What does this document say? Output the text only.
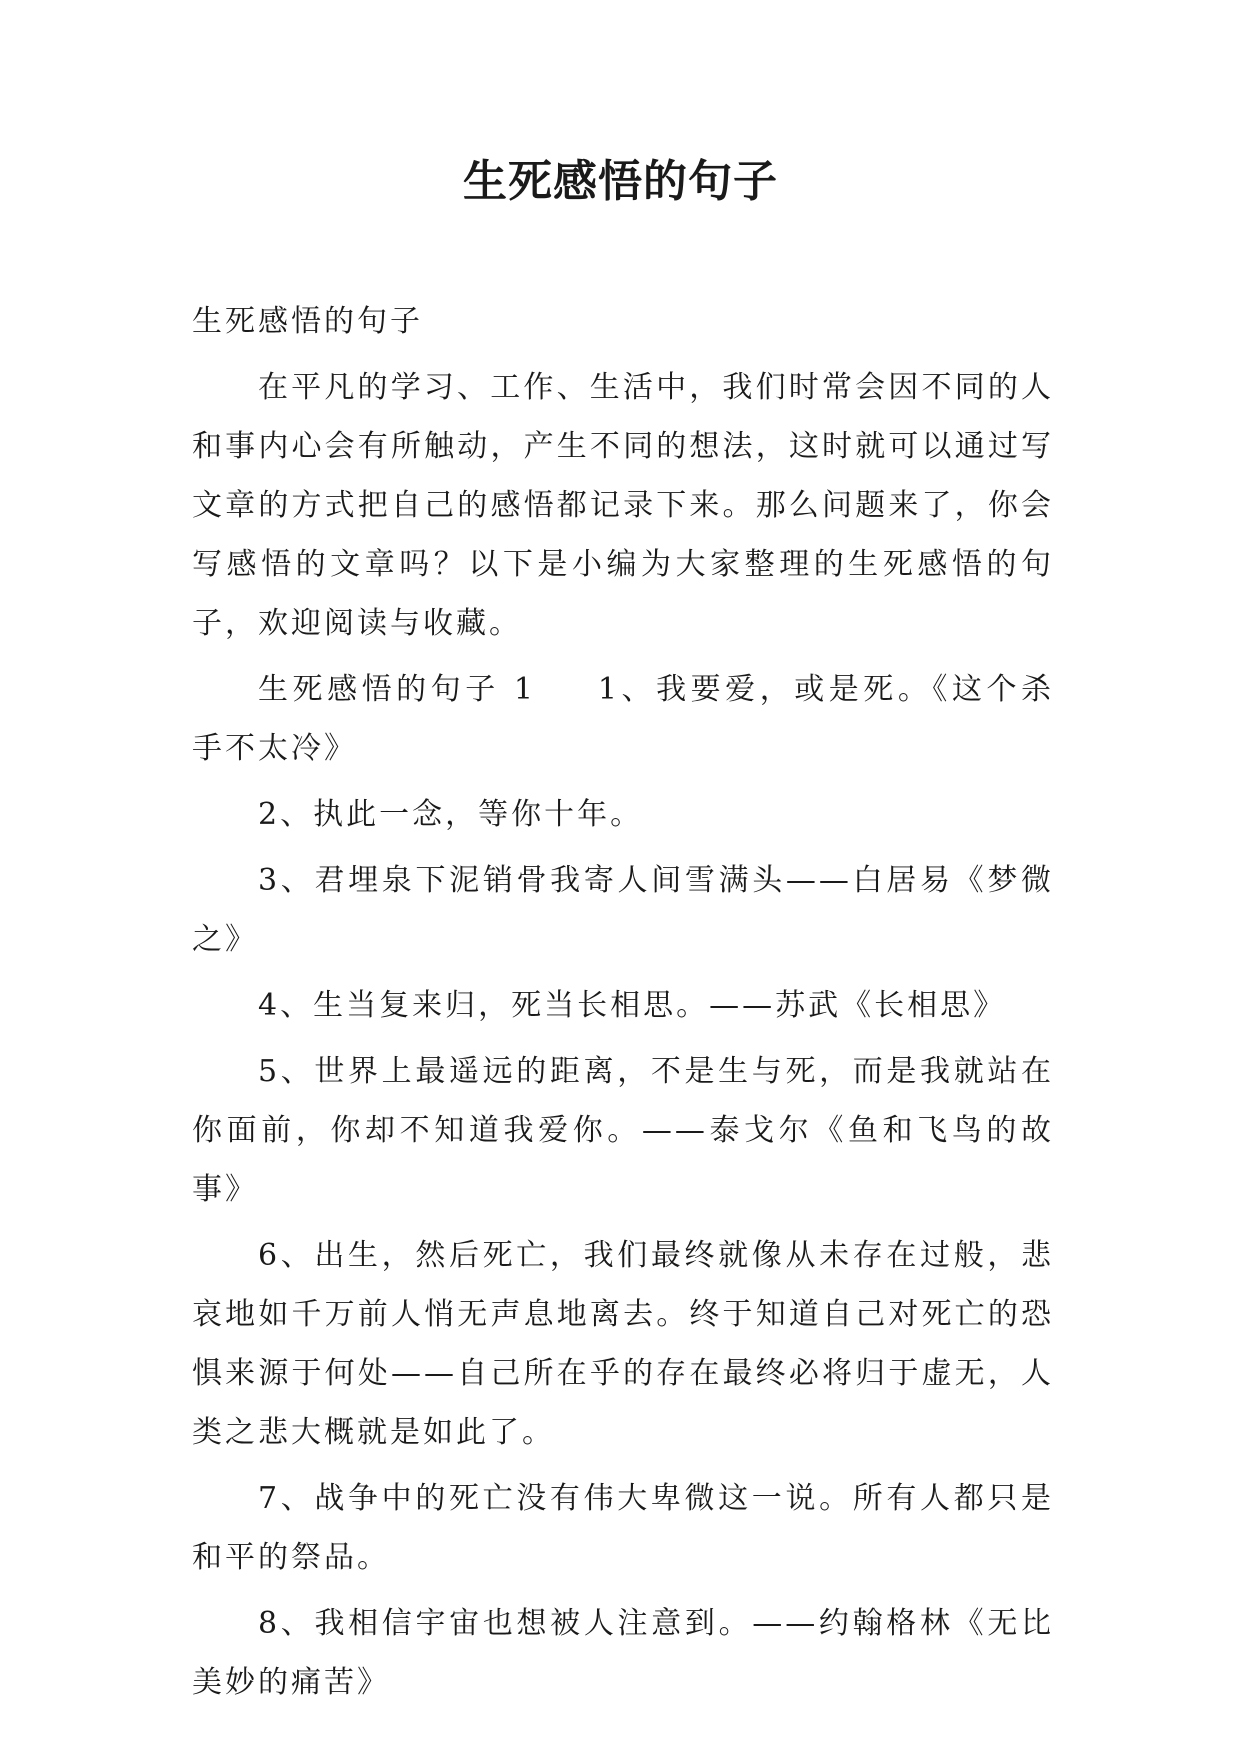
生死感悟的句子

生死感悟的句子

在平凡的学习、工作、生活中，我们时常会因不同的人和事内心会有所触动，产生不同的想法，这时就可以通过写文章的方式把自己的感悟都记录下来。那么问题来了，你会写感悟的文章吗？以下是小编为大家整理的生死感悟的句子，欢迎阅读与收藏。

生死感悟的句子 1 1、我要爱，或是死。《这个杀手不太冷》

2、执此一念，等你十年。

3、君埋泉下泥销骨我寄人间雪满头——白居易《梦微之》

4、生当复来归，死当长相思。——苏武《长相思》

5、世界上最遥远的距离，不是生与死，而是我就站在你面前，你却不知道我爱你。——泰戈尔《鱼和飞鸟的故事》

6、出生，然后死亡，我们最终就像从未存在过般，悲哀地如千万前人悄无声息地离去。终于知道自己对死亡的恐惧来源于何处——自己所在乎的存在最终必将归于虚无，人类之悲大概就是如此了。

7、战争中的死亡没有伟大卑微这一说。所有人都只是和平的祭品。

8、我相信宇宙也想被人注意到。——约翰格林《无比美妙的痛苦》
